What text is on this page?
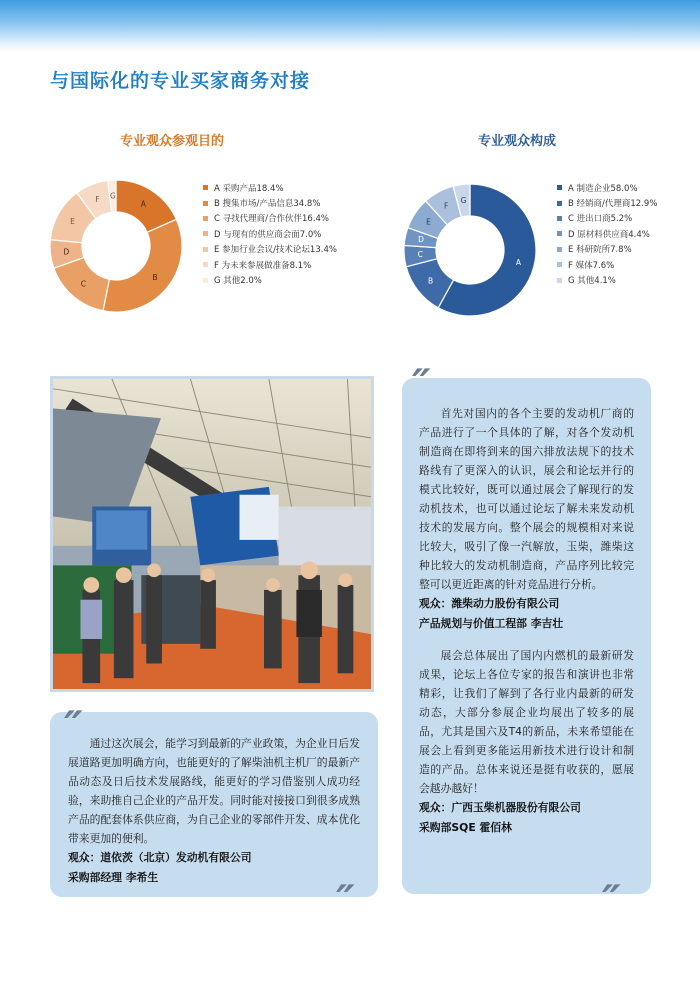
与国际化的专业买家商务对接
专业观众参观目的
A
B
C
D
E
F G
A 采购产品18.4%
B 搜集市场/产品信息34.8%
C 寻找代理商/合作伙伴16.4%
D 与现有的供应商会面7.0%
E 参加行业会议/技术论坛13.4%
F 为未来参展做准备8.1%
G 其他2.0%
专业观众构成
A
B
C
D
E
F
G
A 制造企业58.0%
B 经销商/代理商12.9%
C 进出口商5.2%
D 原材料供应商4.4%
E 科研院所7.8%
F 媒体7.6%
G 其他4.1%

通过这次展会，能学习到最新的产业政策，为企业日后发展道路更加明确方向，也能更好的了解柴油机主机厂的最新产品动态及日后技术发展路线，能更好的学习借鉴别人成功经验，来助推自己企业的产品开发。同时能对接接口到很多成熟产品的配套体系供应商，为自己企业的零部件开发、成本优化带来更加的便利。

观众：道依茨（北京）发动机有限公司
采购部经理 李希生

首先对国内的各个主要的发动机厂商的产品进行了一个具体的了解，对各个发动机制造商在即将到来的国六排放法规下的技术路线有了更深入的认识，展会和论坛并行的模式比较好，既可以通过展会了解现行的发动机技术，也可以通过论坛了解未来发动机技术的发展方向。整个展会的规模相对来说比较大，吸引了像一汽解放，玉柴，潍柴这种比较大的发动机制造商，产品序列比较完整可以更近距离的针对竞品进行分析。

观众：潍柴动力股份有限公司
产品规划与价值工程部 李吉壮

展会总体展出了国内内燃机的最新研发成果，论坛上各位专家的报告和演讲也非常精彩，让我们了解到了各行业内最新的研发动态，大部分参展企业均展出了较多的展品，尤其是国六及T4的新品，未来希望能在展会上看到更多能运用新技术进行设计和制造的产品。总体来说还是挺有收获的，愿展会越办越好！

观众：广西玉柴机器股份有限公司
采购部SQE 霍佰林
″
″
″
″
